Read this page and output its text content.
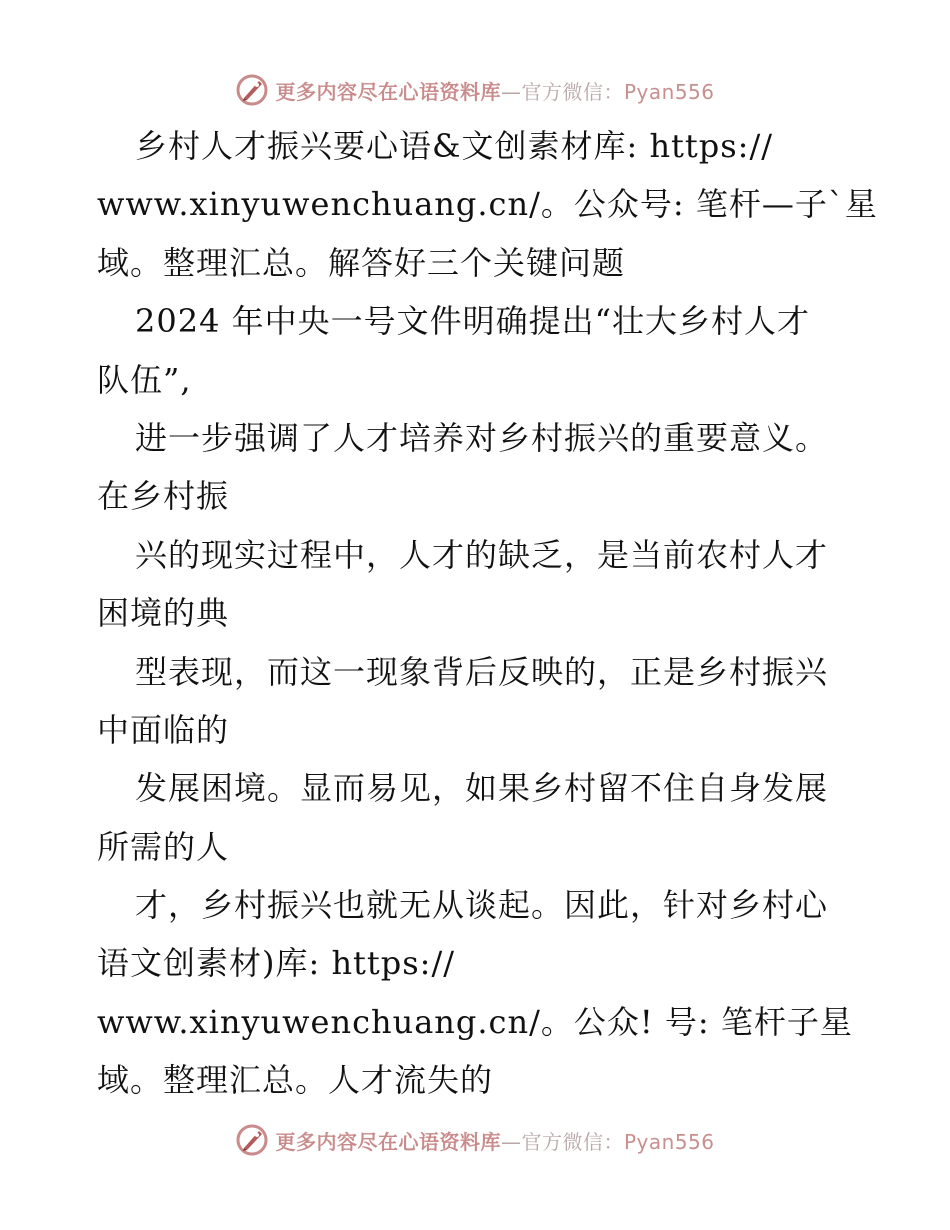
更多内容尽在心语资料库—官方微信：Pyan556
乡村人才振兴要心语&文创素材库: https://
www.xinyuwenchuang.cn/。公众号: 笔杆—子`星
域。整理汇总。解答好三个关键问题
2024 年中央一号文件明确提出“壮大乡村人才
队伍”,
进一步强调了人才培养对乡村振兴的重要意义。
在乡村振
兴的现实过程中，人才的缺乏，是当前农村人才
困境的典
型表现，而这一现象背后反映的，正是乡村振兴
中面临的
发展困境。显而易见，如果乡村留不住自身发展
所需的人
才，乡村振兴也就无从谈起。因此，针对乡村心
语文创素材)库: https://
www.xinyuwenchuang.cn/。公众! 号: 笔杆子星
域。整理汇总。人才流失的
更多内容尽在心语资料库—官方微信：Pyan556
